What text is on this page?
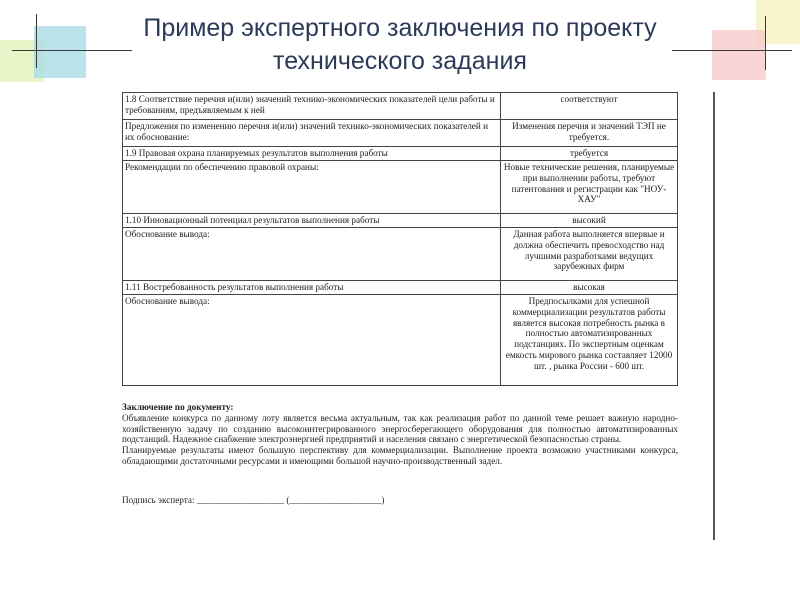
Пример экспертного заключения по проекту
технического задания
1.8 Соответствие перечня и(или) значений технико-экономических показателей цели работы и требованиям, предъявляемым к ней	соответствуют
Предложения по изменению перечня и(или) значений технико-экономических показателей и их обоснование:	Изменения перечня и значений ТЭП не требуется.
1.9 Правовая охрана планируемых результатов выполнения работы	требуется
Рекомендации по обеспечению правовой охраны:	Новые технические решения, планируемые при выполнении работы, требуют патентования и регистрации как "НОУ-ХАУ"
1.10 Инновационный потенциал результатов выполнения работы	высокий
Обоснование вывода:	Данная работа выполняется впервые и должна обеспечить превосходство над лучшими разработками ведущих зарубежных фирм
1.11 Востребованность результатов выполнения работы	высокая
Обоснование вывода:	Предпосылками для успешной коммерциализации результатов работы является высокая потребность рынка в полностью автоматизированных подстанциях. По экспертным оценкам емкость мирового рынка составляет 12000 шт. , рынка России - 600 шт.
Заключение по документу:

Объявление конкурса по данному лоту является весьма актуальным, так как реализация работ по данной теме решает важную народно-хозяйственную задачу по созданию высокоинтегрированного энергосберегающего оборудования для полностью автоматизированных подстанций. Надежное снабжение электроэнергией предприятий и населения связано с энергетической безопасностью страны.

Планируемые результаты имеют большую перспективу для коммерциализации. Выполнение проекта возможно участниками конкурса, обладающими достаточными ресурсами и имеющими большой научно-производственный задел.

Подпись эксперта: ___________________ (____________________)
